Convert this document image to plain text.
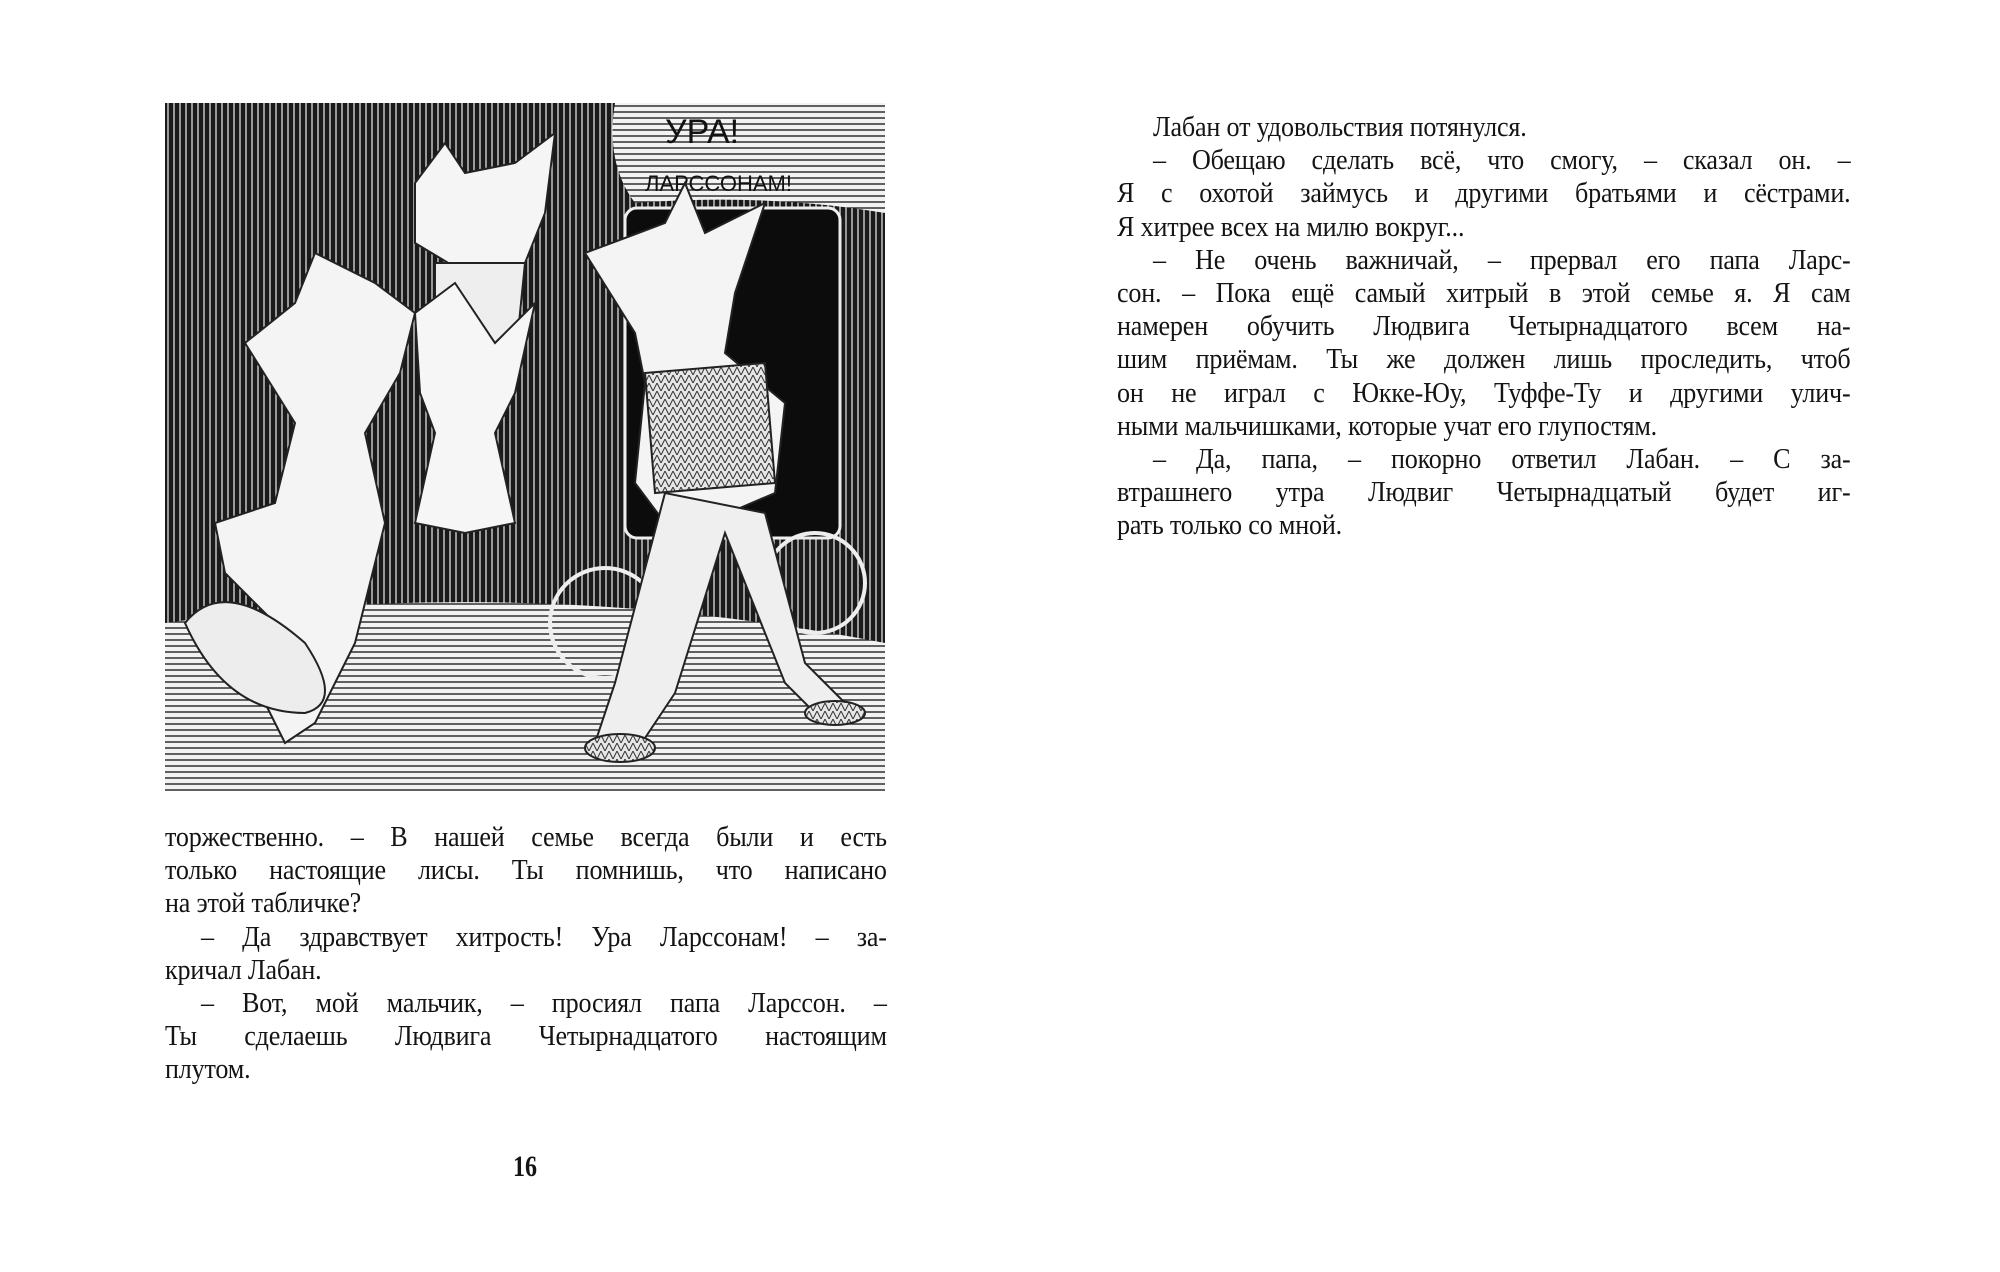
УРА!
ЛАРССОНАМ!
торжественно. – В нашей семье всегда были и есть
только настоящие лисы. Ты помнишь, что написано
на этой табличке?
– Да здравствует хитрость! Ура Ларссонам! – за-
кричал Лабан.
– Вот, мой мальчик, – просиял папа Ларссон. –
Ты сделаешь Людвига Четырнадцатого настоящим
плутом.
16
Лабан от удовольствия потянулся.
– Обещаю сделать всё, что смогу, – сказал он. –
Я с охотой займусь и другими братьями и сёстрами.
Я хитрее всех на милю вокруг...
– Не очень важничай, – прервал его папа Ларс-
сон. – Пока ещё самый хитрый в этой семье я. Я сам
намерен обучить Людвига Четырнадцатого всем на-
шим приёмам. Ты же должен лишь проследить, чтоб
он не играл с Юкке-Юу, Туффе-Ту и другими улич-
ными мальчишками, которые учат его глупостям.
– Да, папа, – покорно ответил Лабан. – С за-
втрашнего утра Людвиг Четырнадцатый будет иг-
рать только со мной.
